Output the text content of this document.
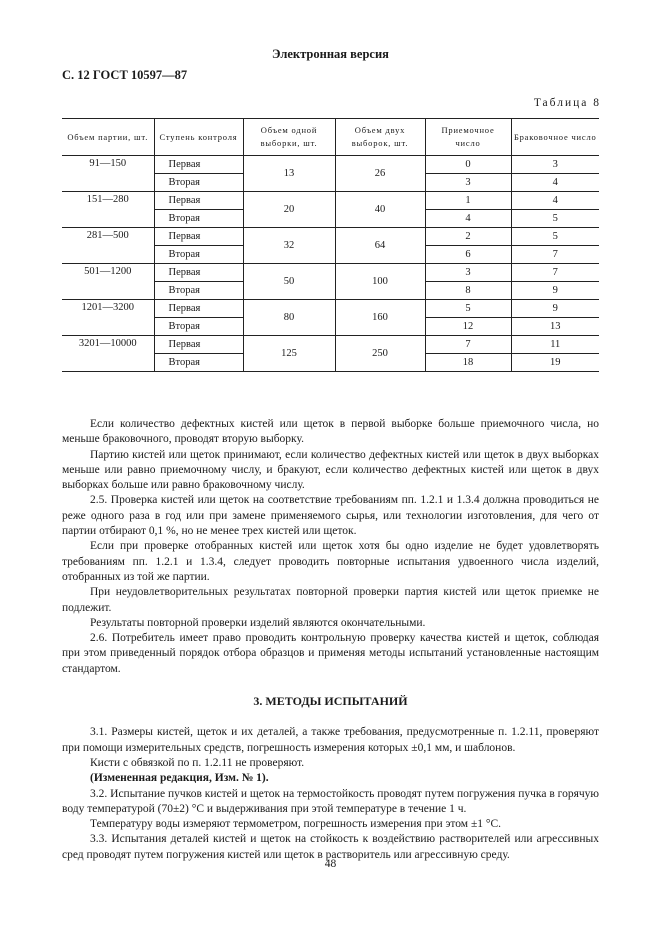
Электронная версия
С. 12 ГОСТ 10597—87
Таблица 8
Объем партии, шт.	Ступень контроля	Объем одной выборки, шт.	Объем двух выборок, шт.	Приемочное число	Браковочное число
91—150	Первая	13	26	0	3
	Вторая			3	4
151—280	Первая	20	40	1	4
	Вторая			4	5
281—500	Первая	32	64	2	5
	Вторая			6	7
501—1200	Первая	50	100	3	7
	Вторая			8	9
1201—3200	Первая	80	160	5	9
	Вторая			12	13
3201—10000	Первая	125	250	7	11
	Вторая			18	19

Если количество дефектных кистей или щеток в первой выборке больше приемочного числа, но меньше браковочного, проводят вторую выборку.

Партию кистей или щеток принимают, если количество дефектных кистей или щеток в двух выборках меньше или равно приемочному числу, и бракуют, если количество дефектных кистей или щеток в двух выборках больше или равно браковочному числу.

2.5. Проверка кистей или щеток на соответствие требованиям пп. 1.2.1 и 1.3.4 должна проводиться не реже одного раза в год или при замене применяемого сырья, или технологии изготовления, для чего от партии отбирают 0,1 %, но не менее трех кистей или щеток.

Если при проверке отобранных кистей или щеток хотя бы одно изделие не будет удовлетворять требованиям пп. 1.2.1 и 1.3.4, следует проводить повторные испытания удвоенного числа изделий, отобранных из той же партии.

При неудовлетворительных результатах повторной проверки партия кистей или щеток приемке не подлежит.

Результаты повторной проверки изделий являются окончательными.

2.6. Потребитель имеет право проводить контрольную проверку качества кистей и щеток, соблюдая при этом приведенный порядок отбора образцов и применяя методы испытаний установленные настоящим стандартом.

3. МЕТОДЫ ИСПЫТАНИЙ

3.1. Размеры кистей, щеток и их деталей, а также требования, предусмотренные п. 1.2.11, проверяют при помощи измерительных средств, погрешность измерения которых ±0,1 мм, и шаблонов.

Кисти с обвязкой по п. 1.2.11 не проверяют.

(Измененная редакция, Изм. № 1).

3.2. Испытание пучков кистей и щеток на термостойкость проводят путем погружения пучка в горячую воду температурой (70±2) °С и выдерживания при этой температуре в течение 1 ч.

Температуру воды измеряют термометром, погрешность измерения при этом ±1 °С.

3.3. Испытания деталей кистей и щеток на стойкость к воздействию растворителей или агрессивных сред проводят путем погружения кистей или щеток в растворитель или агрессивную среду.

48
